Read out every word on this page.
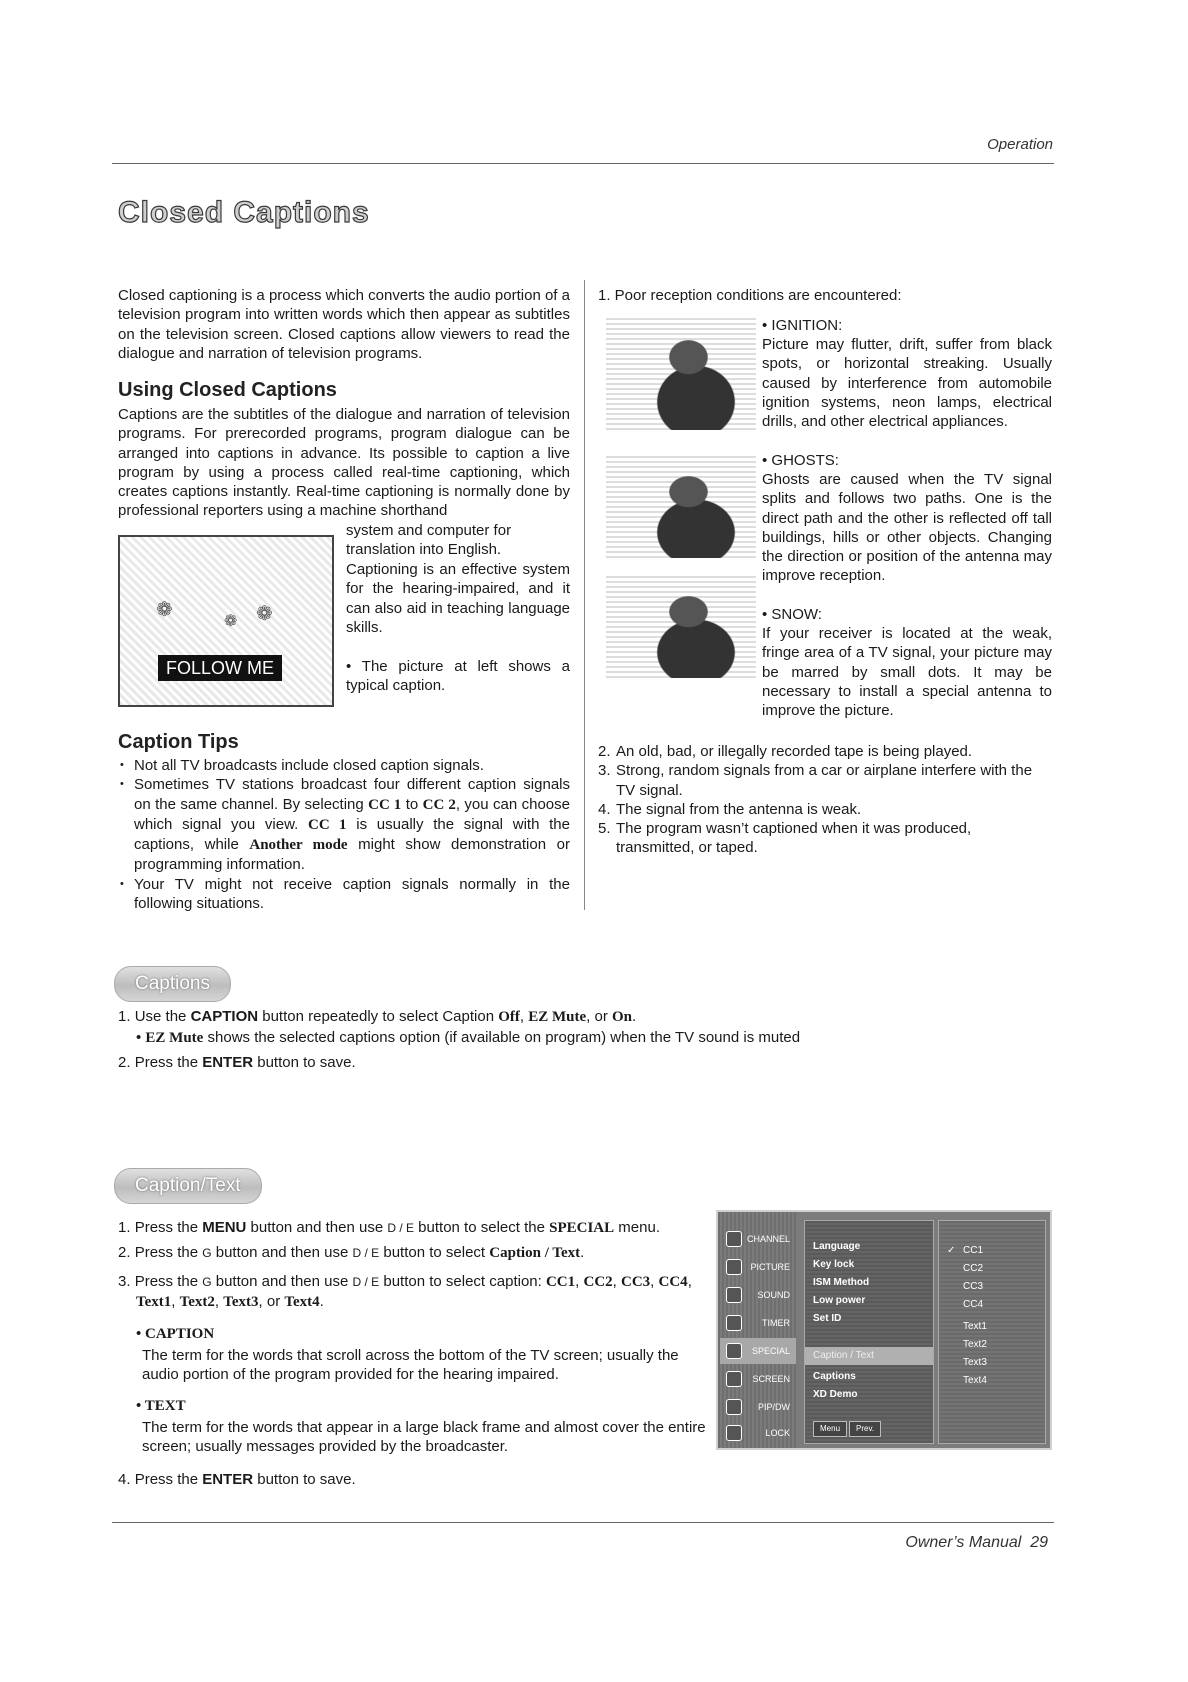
Operation
Closed Captions

Closed captioning is a process which converts the audio portion of a television program into written words which then appear as subtitles on the television screen. Closed captions allow viewers to read the dialogue and narration of television programs.

Using Closed Captions

Captions are the subtitles of the dialogue and narration of television programs. For prerecorded programs, program dialogue can be arranged into captions in advance. Its possible to caption a live program by using a process called real-time captioning, which creates captions instantly. Real-time captioning is normally done by professional reporters using a machine shorthand

system and computer for translation into English.

Captioning is an effective system for the hearing-impaired, and it can also aid in teaching language skills.

• The picture at left shows a typical caption.

❁
❁ ❁
FOLLOW ME
Caption Tips
• Not all TV broadcasts include closed caption signals.
• Sometimes TV stations broadcast four different caption signals on the same channel. By selecting CC 1 to CC 2, you can choose which signal you view. CC 1 is usually the signal with the captions, while Another mode might show demonstration or programming information.
• Your TV might not receive caption signals normally in the following situations.

1. Poor reception conditions are encountered:

• IGNITION:

Picture may flutter, drift, suffer from black spots, or horizontal streaking. Usually caused by interference from automobile ignition systems, neon lamps, electrical drills, and other electrical appliances.

• GHOSTS:

Ghosts are caused when the TV signal splits and follows two paths. One is the direct path and the other is reflected off tall buildings, hills or other objects. Changing the direction or position of the antenna may improve reception.

• SNOW:

If your receiver is located at the weak, fringe area of a TV signal, your picture may be marred by small dots. It may be necessary to install a special antenna to improve the picture.

2. An old, bad, or illegally recorded tape is being played.
3. Strong, random signals from a car or airplane interfere with the TV signal.
4. The signal from the antenna is weak.
5. The program wasn’t captioned when it was produced, transmitted, or taped.
Captions
1. Use the CAPTION button repeatedly to select Caption Off, EZ Mute, or On.
• EZ Mute shows the selected captions option (if available on program) when the TV sound is muted
2. Press the ENTER button to save.
Caption/Text
1. Press the MENU button and then use D / E button to select the SPECIAL menu.
2. Press the G button and then use D / E button to select Caption / Text.
3. Press the G button and then use D / E button to select caption: CC1, CC2, CC3, CC4, Text1, Text2, Text3, or Text4.
• CAPTION

The term for the words that scroll across the bottom of the TV screen; usually the audio portion of the program provided for the hearing impaired.

• TEXT

The term for the words that appear in a large black frame and almost cover the entire screen; usually messages provided by the broadcaster.

4. Press the ENTER button to save.
CHANNEL
PICTURE
SOUND
TIMER
SPECIAL
SCREEN
PIP/DW
LOCK
Language
Key lock
ISM Method
Low power
Set ID
Caption / Text
Captions
XD Demo
Menu	Prev.
✓ CC1
CC2
CC3
CC4
Text1
Text2
Text3
Text4
Owner’s Manual 29
